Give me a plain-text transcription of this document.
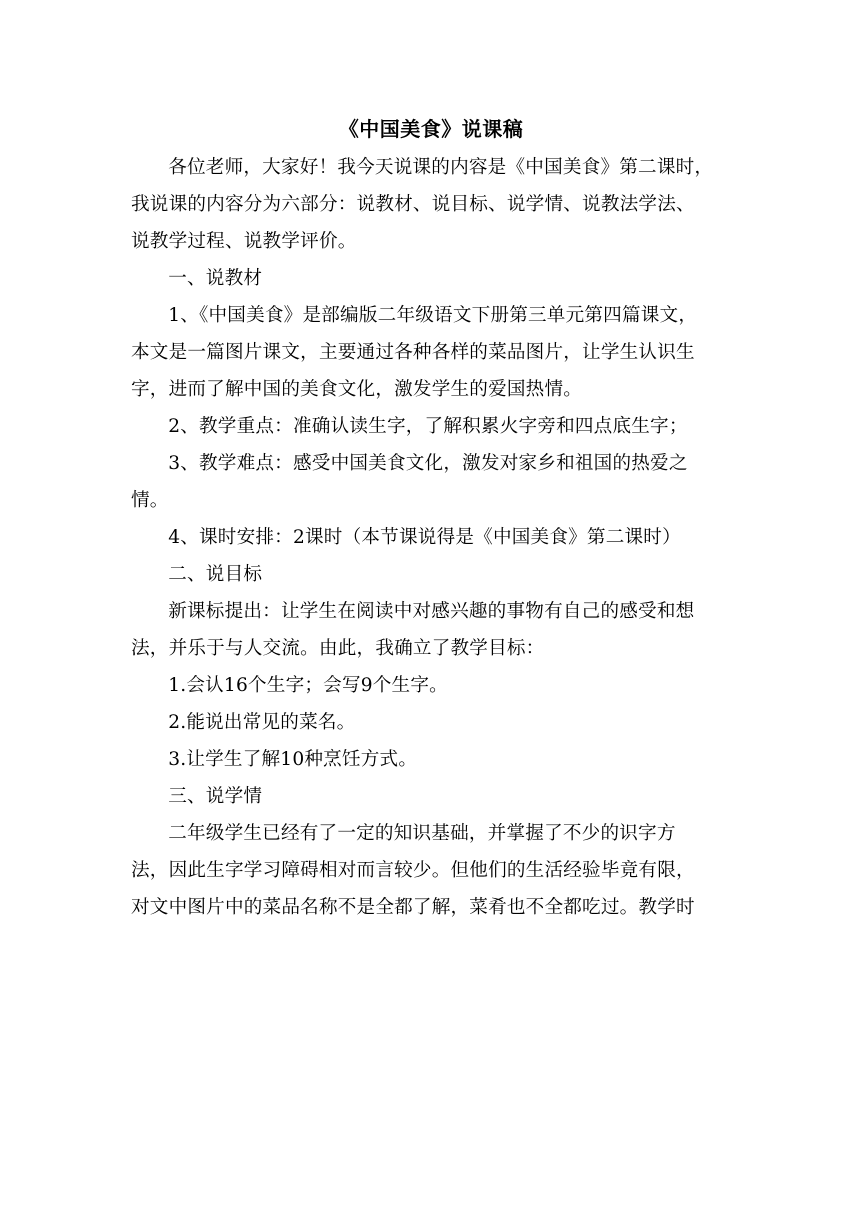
《中国美食》说课稿

各位老师，大家好！我今天说课的内容是《中国美食》第二课时，
我说课的内容分为六部分：说教材、说目标、说学情、说教法学法、
说教学过程、说教学评价。

一、说教材

1、《中国美食》是部编版二年级语文下册第三单元第四篇课文，
本文是一篇图片课文，主要通过各种各样的菜品图片，让学生认识生
字，进而了解中国的美食文化，激发学生的爱国热情。

2、教学重点：准确认读生字，了解积累火字旁和四点底生字；

3、教学难点：感受中国美食文化，激发对家乡和祖国的热爱之
情。

4、课时安排：2课时（本节课说得是《中国美食》第二课时）

二、说目标

新课标提出：让学生在阅读中对感兴趣的事物有自己的感受和想
法，并乐于与人交流。由此，我确立了教学目标：

1.会认16个生字；会写9个生字。

2.能说出常见的菜名。

3.让学生了解10种烹饪方式。

三、说学情

二年级学生已经有了一定的知识基础，并掌握了不少的识字方
法，因此生字学习障碍相对而言较少。但他们的生活经验毕竟有限，
对文中图片中的菜品名称不是全都了解，菜肴也不全都吃过。教学时
